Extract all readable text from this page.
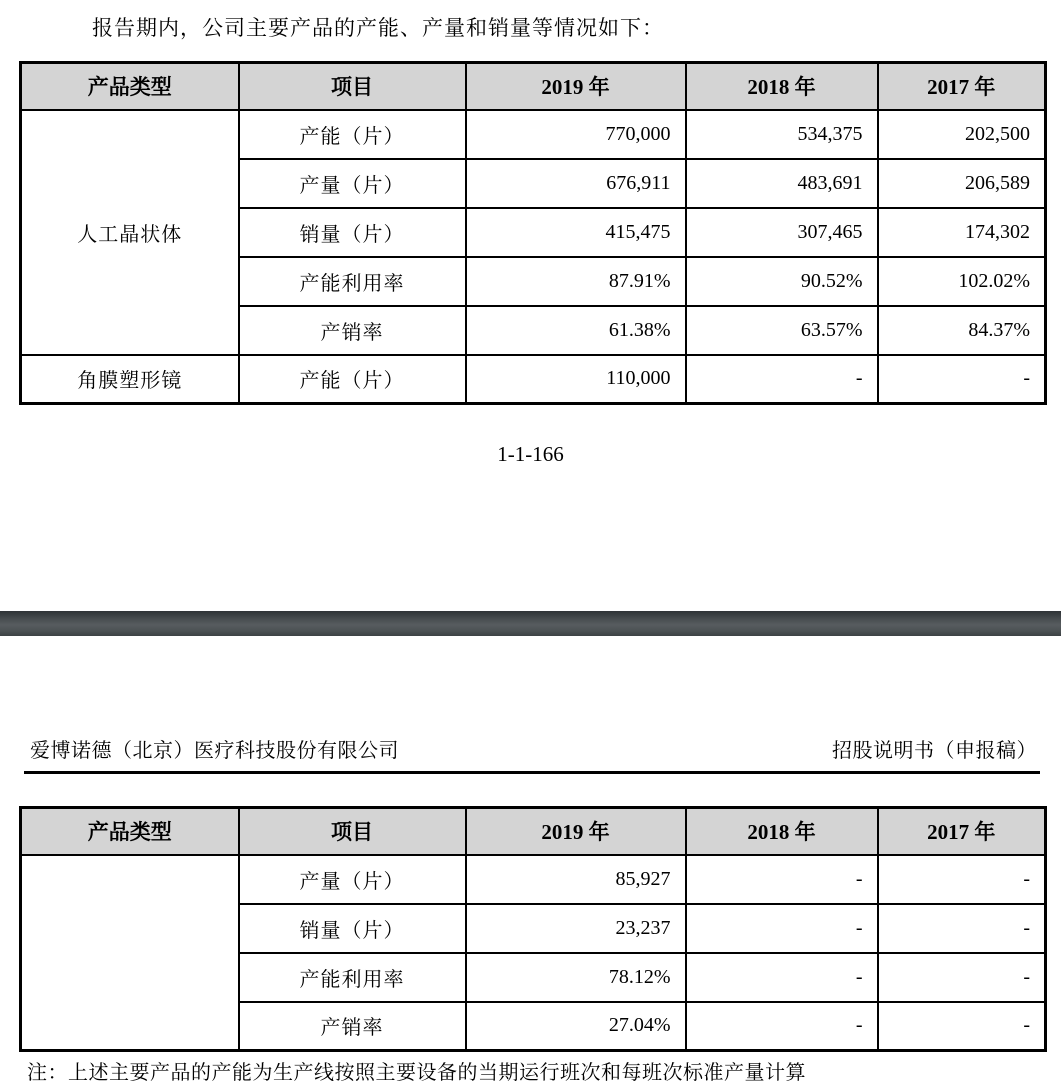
报告期内，公司主要产品的产能、产量和销量等情况如下：

产品类型	项目	2019 年	2018 年	2017 年
人工晶状体	产能（片）	770,000	534,375	202,500
	产量（片）	676,911	483,691	206,589
	销量（片）	415,475	307,465	174,302
	产能利用率	87.91%	90.52%	102.02%
	产销率	61.38%	63.57%	84.37%
角膜塑形镜	产能（片）	110,000	-	-
1-1-166
爱博诺德（北京）医疗科技股份有限公司	招股说明书（申报稿）
产品类型	项目	2019 年	2018 年	2017 年
	产量（片）	85,927	-	-
	销量（片）	23,237	-	-
	产能利用率	78.12%	-	-
	产销率	27.04%	-	-
注：上述主要产品的产能为生产线按照主要设备的当期运行班次和每班次标准产量计算
